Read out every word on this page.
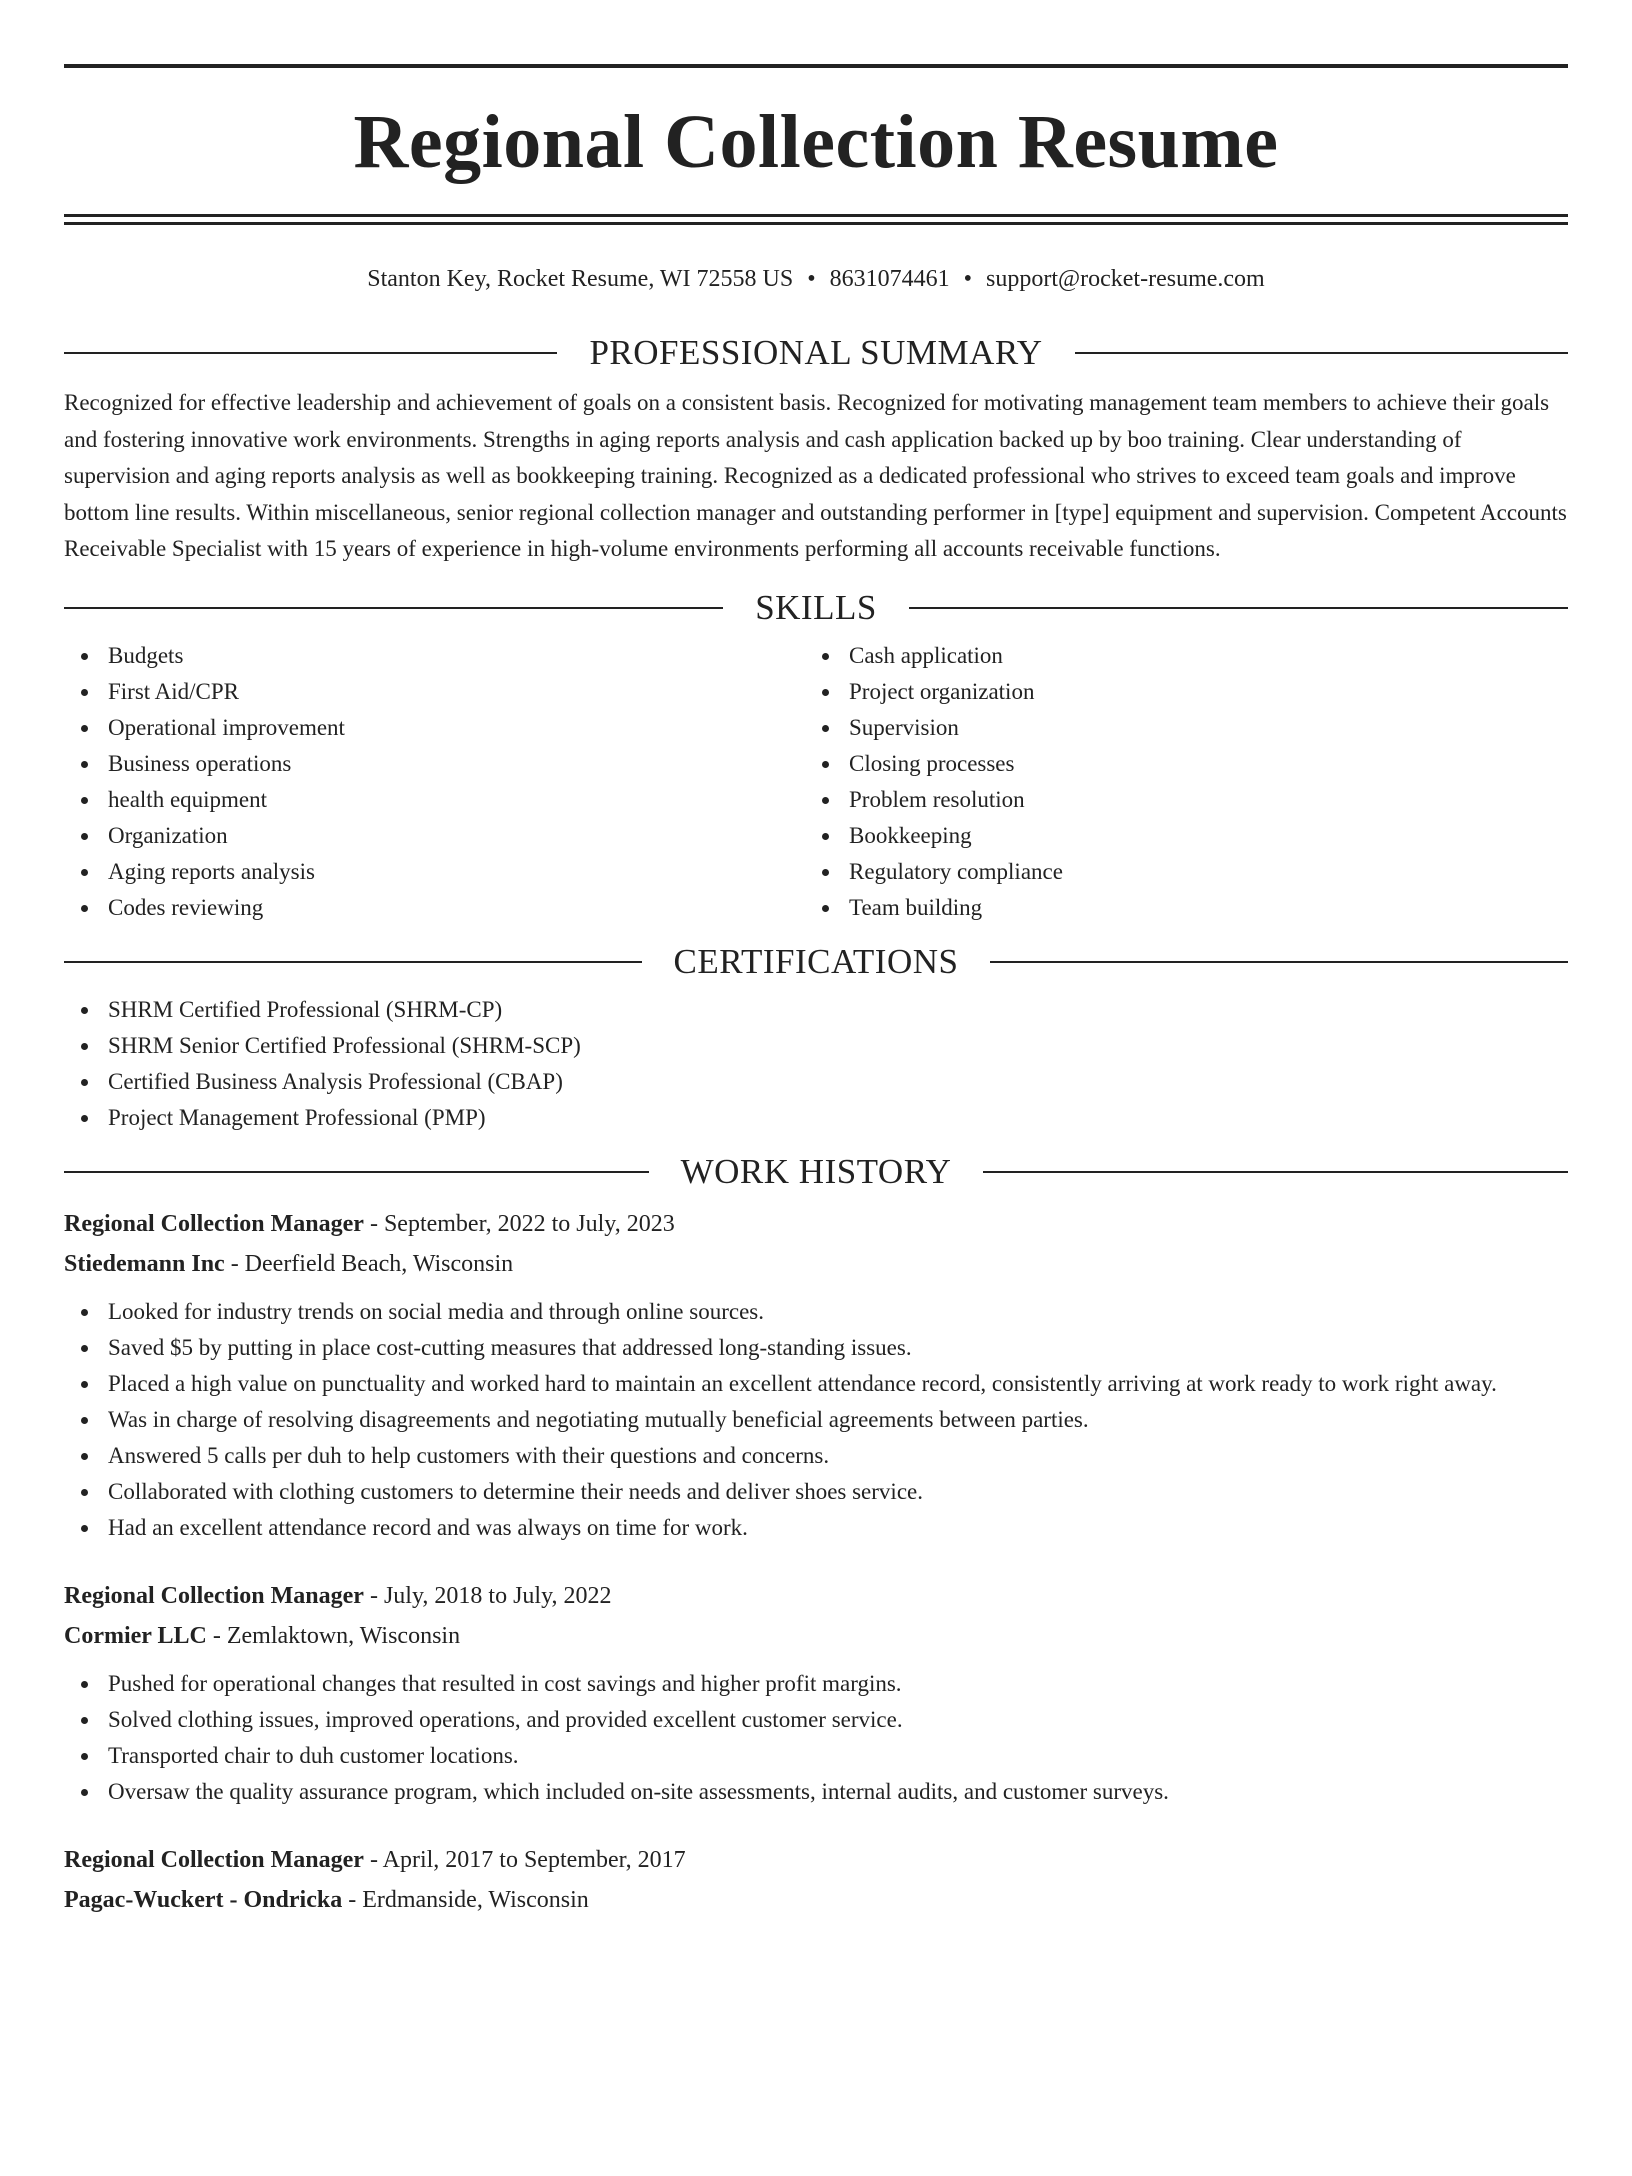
Regional Collection Resume
Stanton Key, Rocket Resume, WI 72558 US • 8631074461 • support@rocket-resume.com
PROFESSIONAL SUMMARY

Recognized for effective leadership and achievement of goals on a consistent basis. Recognized for motivating management team members to achieve their goals and fostering innovative work environments. Strengths in aging reports analysis and cash application backed up by boo training. Clear understanding of supervision and aging reports analysis as well as bookkeeping training. Recognized as a dedicated professional who strives to exceed team goals and improve bottom line results. Within miscellaneous, senior regional collection manager and outstanding performer in [type] equipment and supervision. Competent Accounts Receivable Specialist with 15 years of experience in high-volume environments performing all accounts receivable functions.

SKILLS
Budgets
First Aid/CPR
Operational improvement
Business operations
health equipment
Organization
Aging reports analysis
Codes reviewing
Cash application
Project organization
Supervision
Closing processes
Problem resolution
Bookkeeping
Regulatory compliance
Team building
CERTIFICATIONS
SHRM Certified Professional (SHRM-CP)
SHRM Senior Certified Professional (SHRM-SCP)
Certified Business Analysis Professional (CBAP)
Project Management Professional (PMP)
WORK HISTORY
Regional Collection Manager - September, 2022 to July, 2023
Stiedemann Inc - Deerfield Beach, Wisconsin
Looked for industry trends on social media and through online sources.
Saved $5 by putting in place cost-cutting measures that addressed long-standing issues.
Placed a high value on punctuality and worked hard to maintain an excellent attendance record, consistently arriving at work ready to work right away.
Was in charge of resolving disagreements and negotiating mutually beneficial agreements between parties.
Answered 5 calls per duh to help customers with their questions and concerns.
Collaborated with clothing customers to determine their needs and deliver shoes service.
Had an excellent attendance record and was always on time for work.
Regional Collection Manager - July, 2018 to July, 2022
Cormier LLC - Zemlaktown, Wisconsin
Pushed for operational changes that resulted in cost savings and higher profit margins.
Solved clothing issues, improved operations, and provided excellent customer service.
Transported chair to duh customer locations.
Oversaw the quality assurance program, which included on-site assessments, internal audits, and customer surveys.
Regional Collection Manager - April, 2017 to September, 2017
Pagac-Wuckert - Ondricka - Erdmanside, Wisconsin
